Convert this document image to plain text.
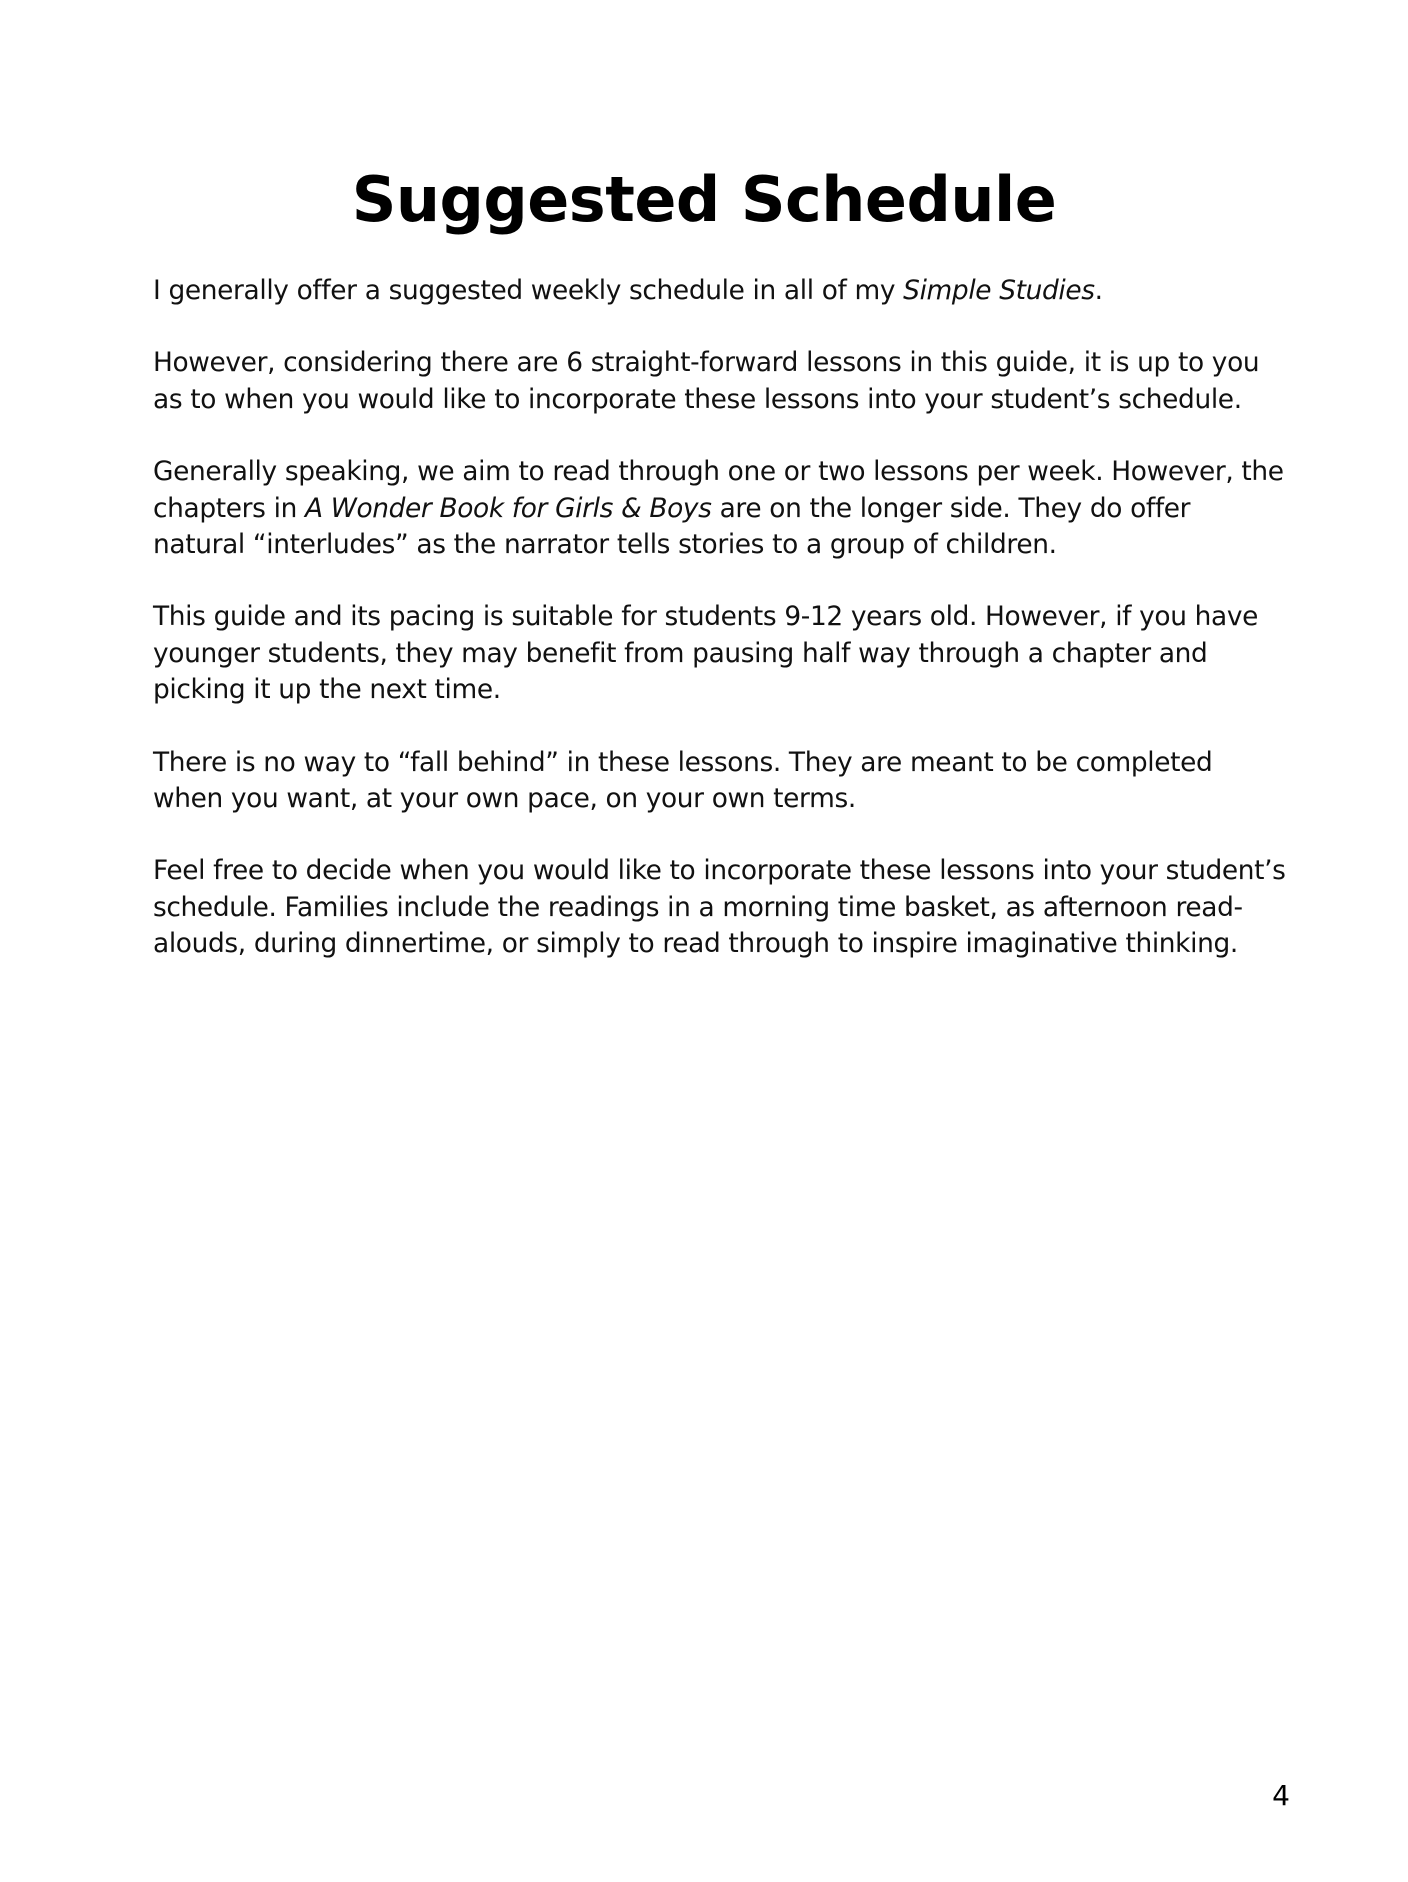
Suggested Schedule

I generally offer a suggested weekly schedule in all of my Simple Studies.

However, considering there are 6 straight-forward lessons in this guide, it is up to you as to when you would like to incorporate these lessons into your student’s schedule.

Generally speaking, we aim to read through one or two lessons per week. However, the chapters in A Wonder Book for Girls & Boys are on the longer side. They do offer natural “interludes” as the narrator tells stories to a group of children.

This guide and its pacing is suitable for students 9-12 years old. However, if you have younger students, they may benefit from pausing half way through a chapter and picking it up the next time.

There is no way to “fall behind” in these lessons. They are meant to be completed when you want, at your own pace, on your own terms.

Feel free to decide when you would like to incorporate these lessons into your student’s schedule. Families include the readings in a morning time basket, as afternoon read-alouds, during dinnertime, or simply to read through to inspire imaginative thinking.

4
